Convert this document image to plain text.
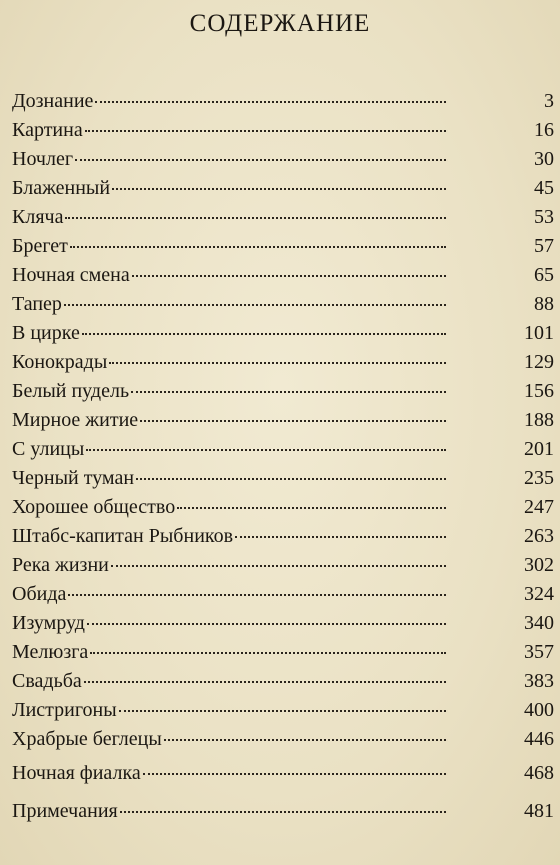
СОДЕРЖАНИЕ
Дознание	3
Картина	16
Ночлег	30
Блаженный	45
Кляча	53
Брегет	57
Ночная смена	65
Тапер	88
В цирке	101
Конокрады	129
Белый пудель	156
Мирное житие	188
С улицы	201
Черный туман	235
Хорошее общество	247
Штабс-капитан Рыбников	263
Река жизни	302
Обида	324
Изумруд	340
Мелюзга	357
Свадьба	383
Листригоны	400
Храбрые беглецы	446
Ночная фиалка	468
Примечания	481
